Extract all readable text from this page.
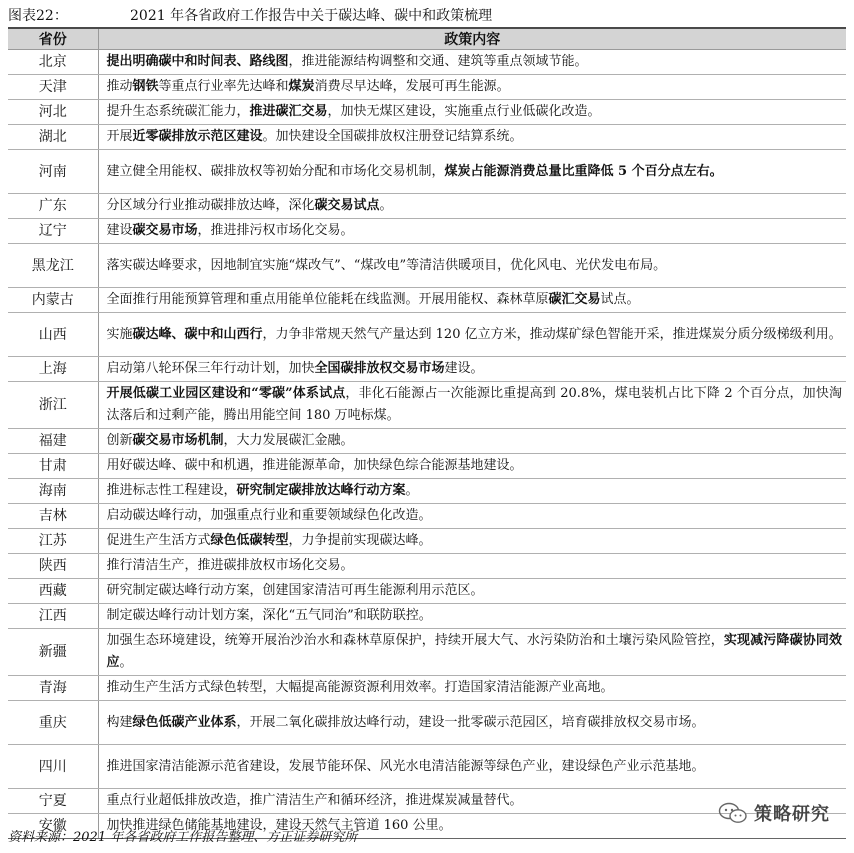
图表22：	2021 年各省政府工作报告中关于碳达峰、碳中和政策梳理
省份	政策内容
北京	提出明确碳中和时间表、路线图，推进能源结构调整和交通、建筑等重点领域节能。
天津	推动钢铁等重点行业率先达峰和煤炭消费尽早达峰，发展可再生能源。
河北	提升生态系统碳汇能力，推进碳汇交易，加快无煤区建设，实施重点行业低碳化改造。
湖北	开展近零碳排放示范区建设。加快建设全国碳排放权注册登记结算系统。
河南	建立健全用能权、碳排放权等初始分配和市场化交易机制，煤炭占能源消费总量比重降低 5 个百分点左右。
广东	分区域分行业推动碳排放达峰，深化碳交易试点。
辽宁	建设碳交易市场，推进排污权市场化交易。
黑龙江	落实碳达峰要求，因地制宜实施“煤改气”、“煤改电”等清洁供暖项目，优化风电、光伏发电布局。
内蒙古	全面推行用能预算管理和重点用能单位能耗在线监测。开展用能权、森林草原碳汇交易试点。
山西	实施碳达峰、碳中和山西行，力争非常规天然气产量达到 120 亿立方米，推动煤矿绿色智能开采，推进煤炭分质分级梯级利用。
上海	启动第八轮环保三年行动计划，加快全国碳排放权交易市场建设。
浙江	开展低碳工业园区建设和“零碳”体系试点，非化石能源占一次能源比重提高到 20.8%，煤电装机占比下降 2 个百分点，加快淘汰落后和过剩产能，腾出用能空间 180 万吨标煤。
福建	创新碳交易市场机制，大力发展碳汇金融。
甘肃	用好碳达峰、碳中和机遇，推进能源革命，加快绿色综合能源基地建设。
海南	推进标志性工程建设，研究制定碳排放达峰行动方案。
吉林	启动碳达峰行动，加强重点行业和重要领域绿色化改造。
江苏	促进生产生活方式绿色低碳转型，力争提前实现碳达峰。
陕西	推行清洁生产，推进碳排放权市场化交易。
西藏	研究制定碳达峰行动方案，创建国家清洁可再生能源利用示范区。
江西	制定碳达峰行动计划方案，深化“五气同治”和联防联控。
新疆	加强生态环境建设，统筹开展治沙治水和森林草原保护，持续开展大气、水污染防治和土壤污染风险管控，实现减污降碳协同效应。
青海	推动生产生活方式绿色转型，大幅提高能源资源利用效率。打造国家清洁能源产业高地。
重庆	构建绿色低碳产业体系，开展二氧化碳排放达峰行动，建设一批零碳示范园区，培育碳排放权交易市场。
四川	推进国家清洁能源示范省建设，发展节能环保、风光水电清洁能源等绿色产业，建设绿色产业示范基地。
宁夏	重点行业超低排放改造，推广清洁生产和循环经济，推进煤炭减量替代。
安徽	加快推进绿色储能基地建设，建设天然气主管道 160 公里。
资料来源：2021 年各省政府工作报告整理、方正证券研究所
策略研究
